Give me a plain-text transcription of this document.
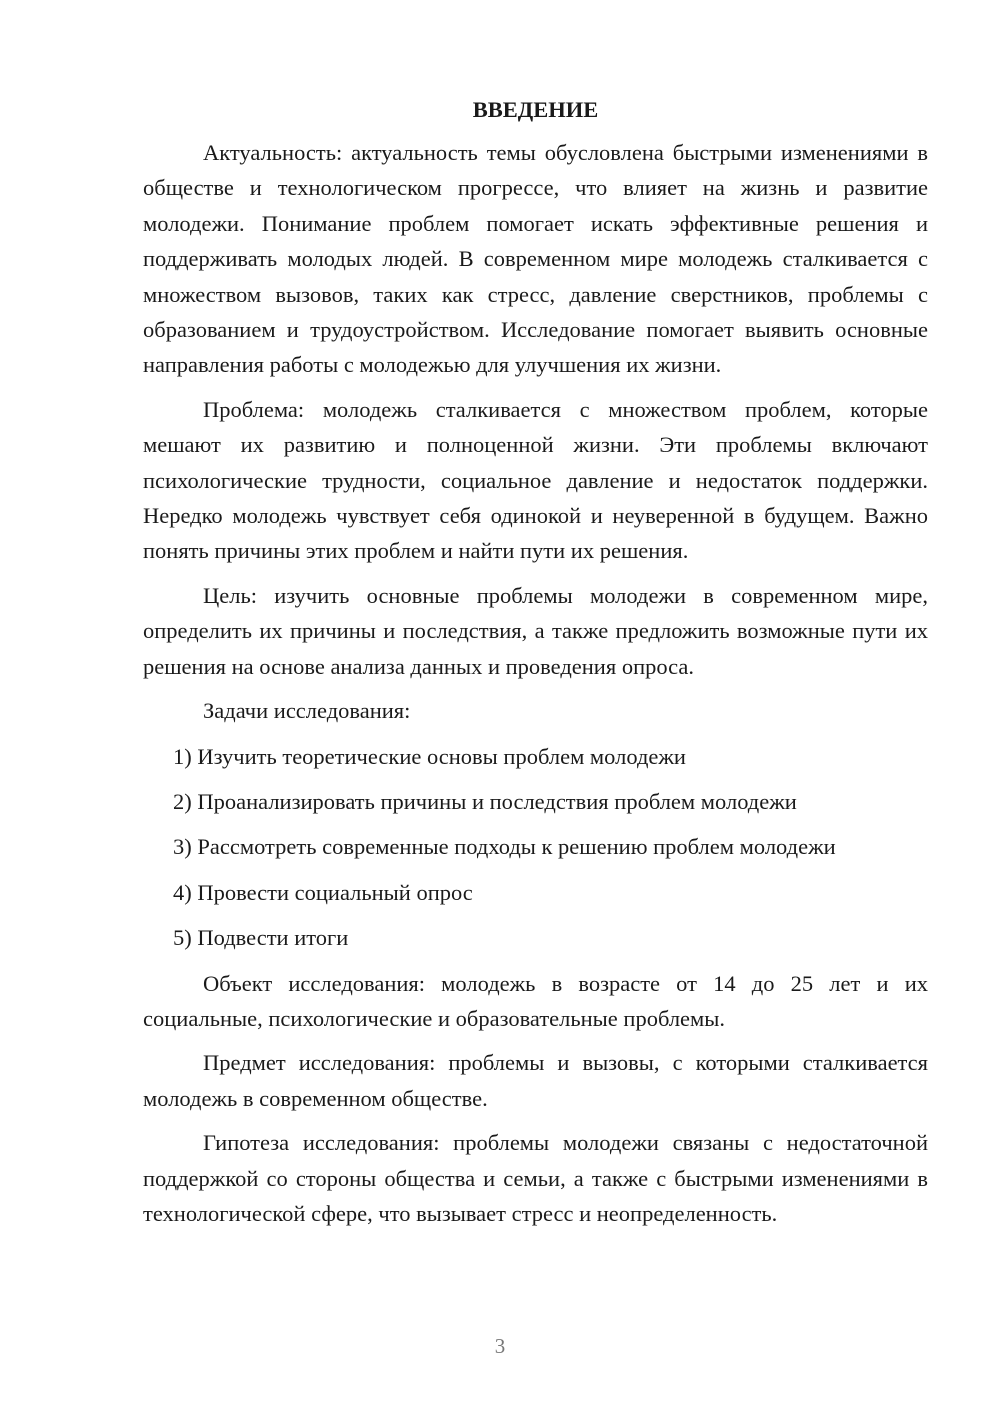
ВВЕДЕНИЕ

Актуальность: актуальность темы обусловлена быстрыми изменениями в обществе и технологическом прогрессе, что влияет на жизнь и развитие молодежи. Понимание проблем помогает искать эффективные решения и поддерживать молодых людей. В современном мире молодежь сталкивается с множеством вызовов, таких как стресс, давление сверстников, проблемы с образованием и трудоустройством. Исследование помогает выявить основные направления работы с молодежью для улучшения их жизни.

Проблема: молодежь сталкивается с множеством проблем, которые мешают их развитию и полноценной жизни. Эти проблемы включают психологические трудности, социальное давление и недостаток поддержки. Нередко молодежь чувствует себя одинокой и неуверенной в будущем. Важно понять причины этих проблем и найти пути их решения.

Цель: изучить основные проблемы молодежи в современном мире, определить их причины и последствия, а также предложить возможные пути их решения на основе анализа данных и проведения опроса.

Задачи исследования:

1) Изучить теоретические основы проблем молодежи
2) Проанализировать причины и последствия проблем молодежи
3) Рассмотреть современные подходы к решению проблем молодежи
4) Провести социальный опрос
5) Подвести итоги

Объект исследования: молодежь в возрасте от 14 до 25 лет и их социальные, психологические и образовательные проблемы.

Предмет исследования: проблемы и вызовы, с которыми сталкивается молодежь в современном обществе.

Гипотеза исследования: проблемы молодежи связаны с недостаточной поддержкой со стороны общества и семьи, а также с быстрыми изменениями в технологической сфере, что вызывает стресс и неопределенность.

3
